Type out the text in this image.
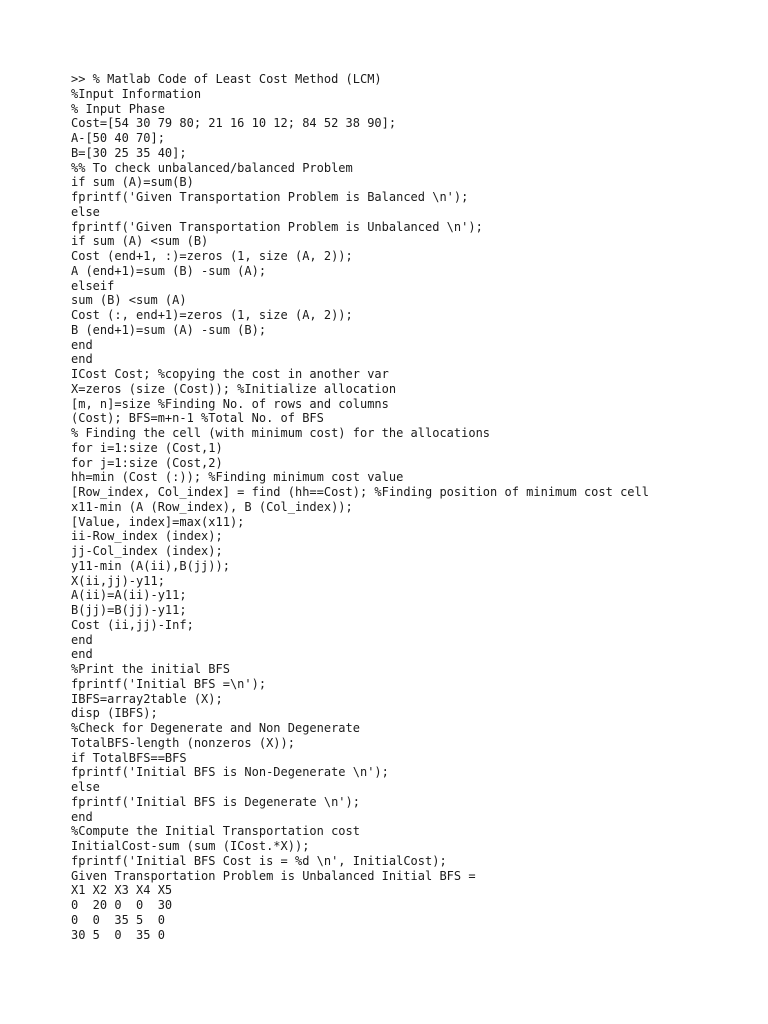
>> % Matlab Code of Least Cost Method (LCM)
%Input Information
% Input Phase
Cost=[54 30 79 80; 21 16 10 12; 84 52 38 90];
A-[50 40 70];
B=[30 25 35 40];
%% To check unbalanced/balanced Problem
if sum (A)=sum(B)
fprintf('Given Transportation Problem is Balanced \n');
else
fprintf('Given Transportation Problem is Unbalanced \n');
if sum (A) <sum (B)
Cost (end+1, :)=zeros (1, size (A, 2));
A (end+1)=sum (B) -sum (A);
elseif
sum (B) <sum (A)
Cost (:, end+1)=zeros (1, size (A, 2));
B (end+1)=sum (A) -sum (B);
end
end
ICost Cost; %copying the cost in another var
X=zeros (size (Cost)); %Initialize allocation
[m, n]=size %Finding No. of rows and columns
(Cost); BFS=m+n-1 %Total No. of BFS
% Finding the cell (with minimum cost) for the allocations
for i=1:size (Cost,1)
for j=1:size (Cost,2)
hh=min (Cost (:)); %Finding minimum cost value
[Row_index, Col_index] = find (hh==Cost); %Finding position of minimum cost cell
x11-min (A (Row_index), B (Col_index));
[Value, index]=max(x11);
ii-Row_index (index);
jj-Col_index (index);
y11-min (A(ii),B(jj));
X(ii,jj)-y11;
A(ii)=A(ii)-y11;
B(jj)=B(jj)-y11;
Cost (ii,jj)-Inf;
end
end
%Print the initial BFS
fprintf('Initial BFS =\n');
IBFS=array2table (X);
disp (IBFS);
%Check for Degenerate and Non Degenerate
TotalBFS-length (nonzeros (X));
if TotalBFS==BFS
fprintf('Initial BFS is Non-Degenerate \n');
else
fprintf('Initial BFS is Degenerate \n');
end
%Compute the Initial Transportation cost
InitialCost-sum (sum (ICost.*X));
fprintf('Initial BFS Cost is = %d \n', InitialCost);
Given Transportation Problem is Unbalanced Initial BFS =
X1 X2 X3 X4 X5
0  20 0  0  30
0  0  35 5  0
30 5  0  35 0
